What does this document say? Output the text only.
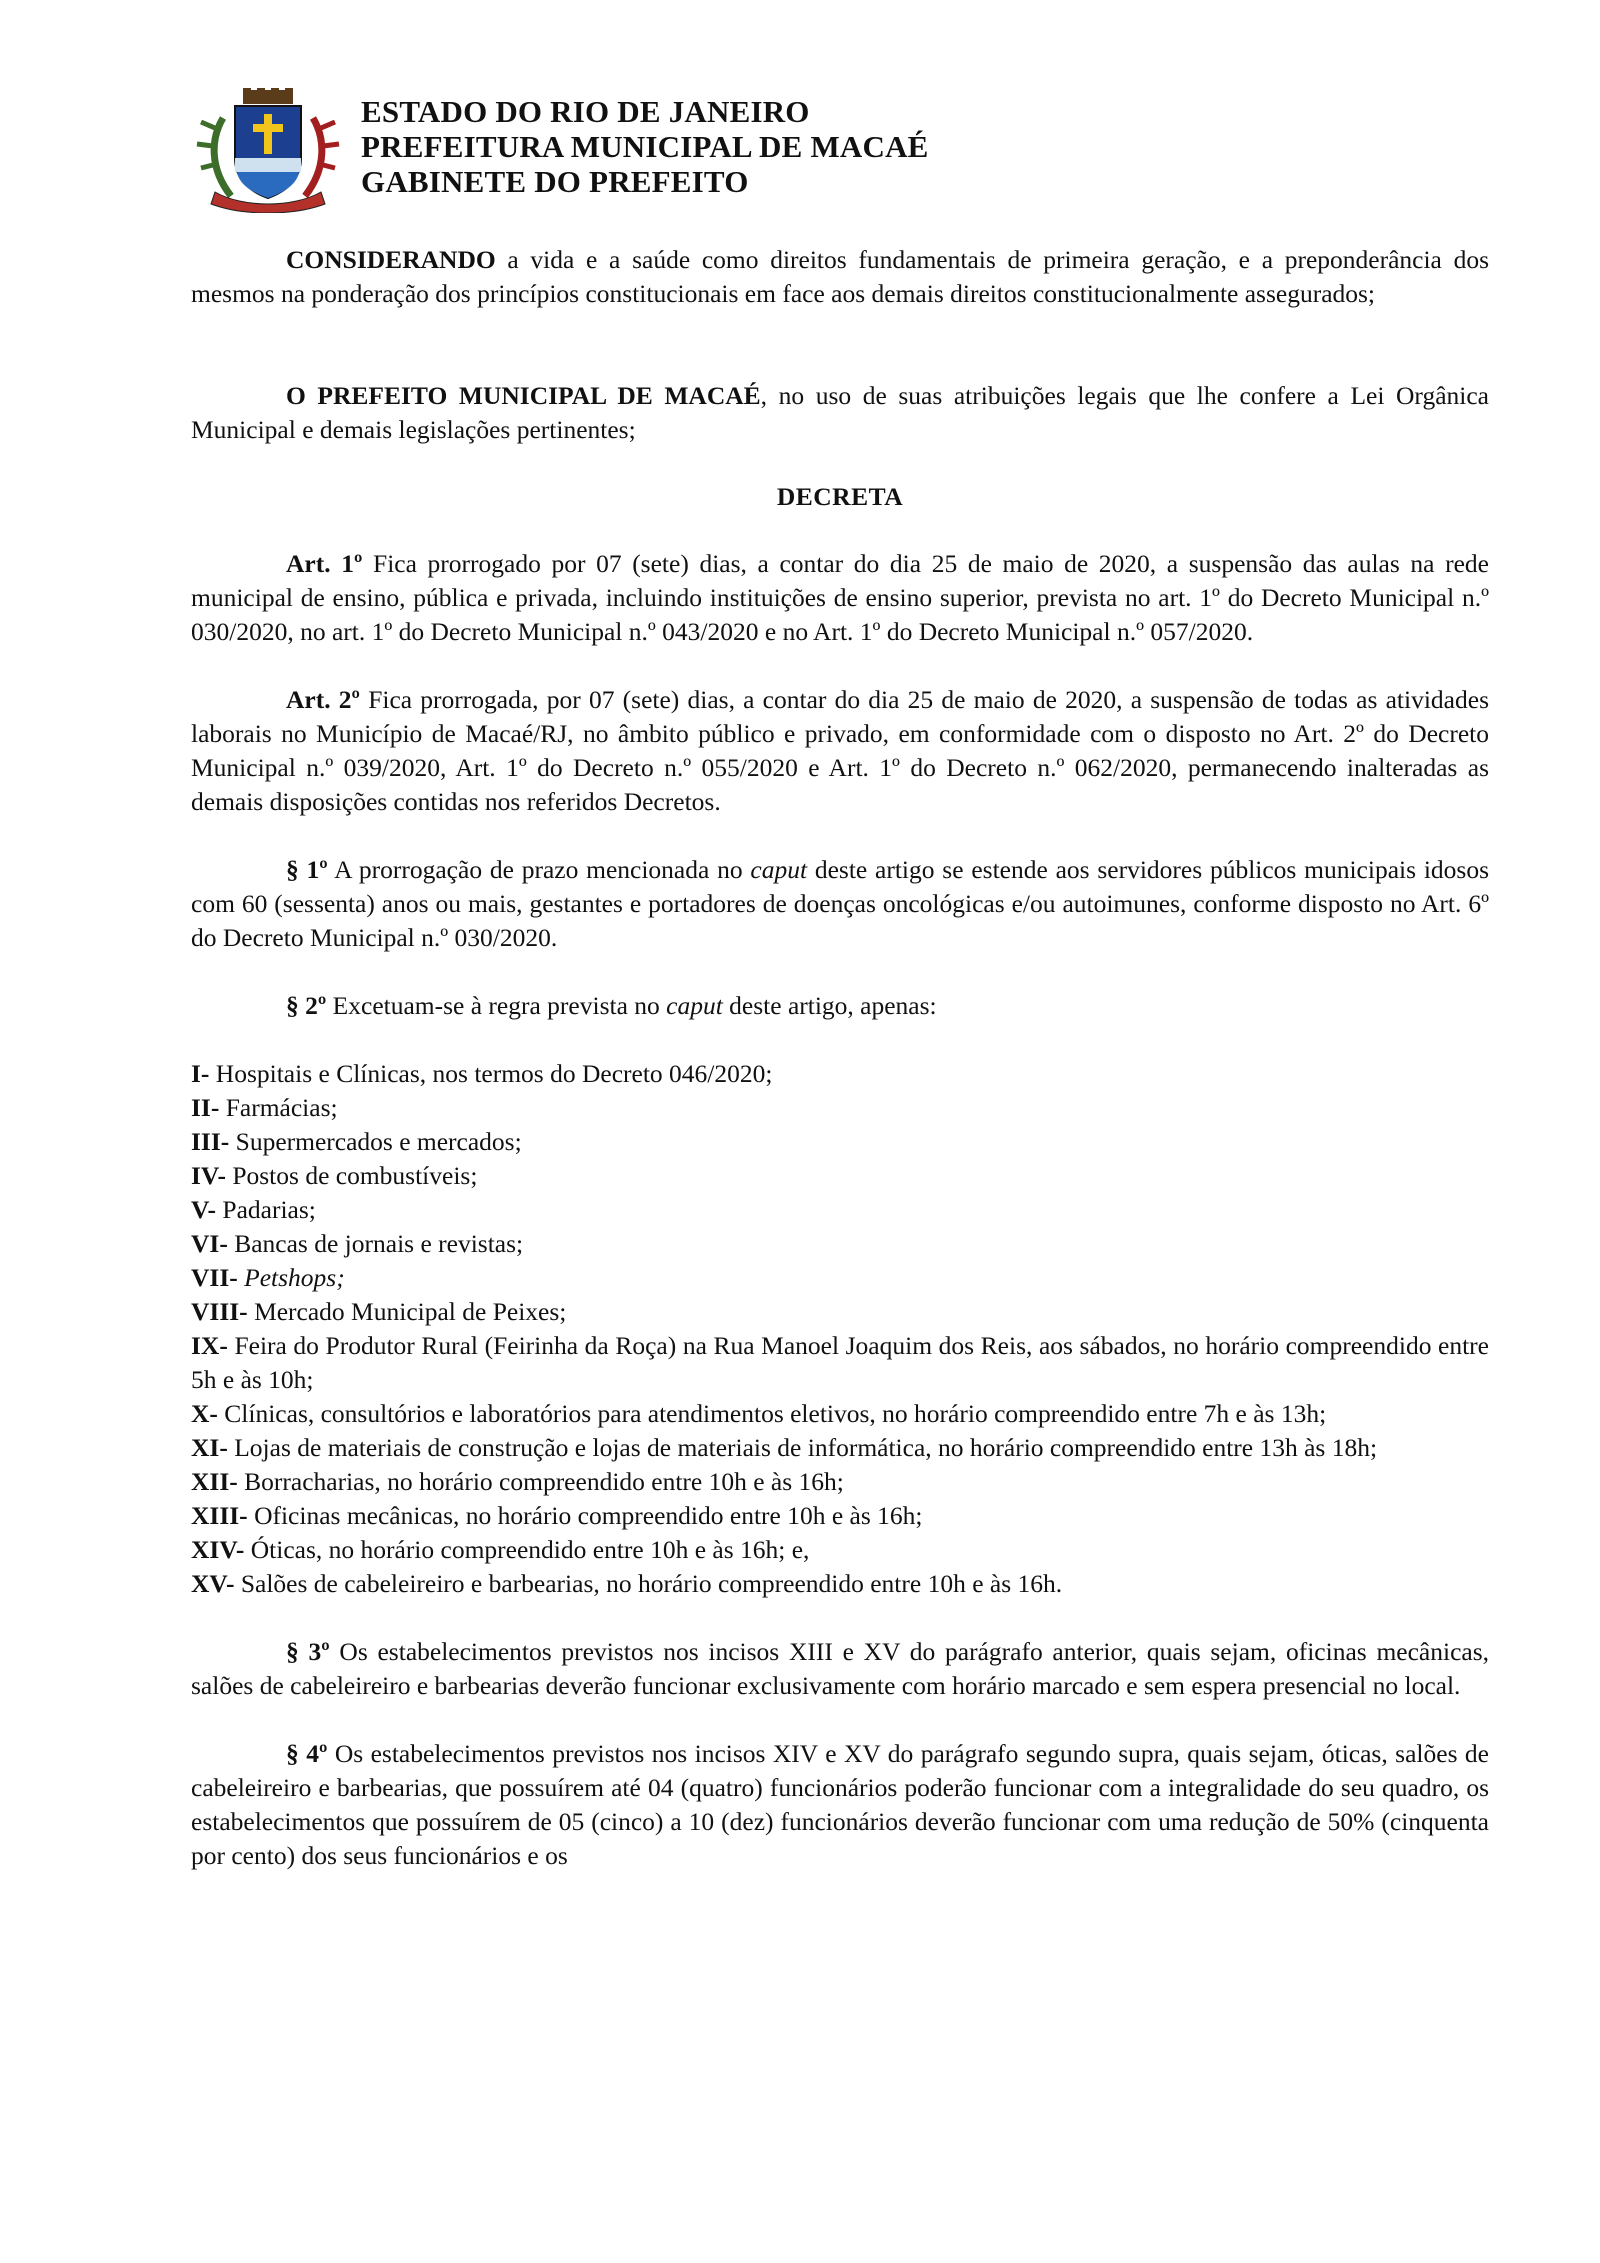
ESTADO DO RIO DE JANEIRO
PREFEITURA MUNICIPAL DE MACAÉ
GABINETE DO PREFEITO

CONSIDERANDO a vida e a saúde como direitos fundamentais de primeira geração, e a preponderância dos mesmos na ponderação dos princípios constitucionais em face aos demais direitos constitucionalmente assegurados;

O PREFEITO MUNICIPAL DE MACAÉ, no uso de suas atribuições legais que lhe confere a Lei Orgânica Municipal e demais legislações pertinentes;

DECRETA

Art. 1º Fica prorrogado por 07 (sete) dias, a contar do dia 25 de maio de 2020, a suspensão das aulas na rede municipal de ensino, pública e privada, incluindo instituições de ensino superior, prevista no art. 1º do Decreto Municipal n.º 030/2020, no art. 1º do Decreto Municipal n.º 043/2020 e no Art. 1º do Decreto Municipal n.º 057/2020.

Art. 2º Fica prorrogada, por 07 (sete) dias, a contar do dia 25 de maio de 2020, a suspensão de todas as atividades laborais no Município de Macaé/RJ, no âmbito público e privado, em conformidade com o disposto no Art. 2º do Decreto Municipal n.º 039/2020, Art. 1º do Decreto n.º 055/2020 e Art. 1º do Decreto n.º 062/2020, permanecendo inalteradas as demais disposições contidas nos referidos Decretos.

§ 1º A prorrogação de prazo mencionada no caput deste artigo se estende aos servidores públicos municipais idosos com 60 (sessenta) anos ou mais, gestantes e portadores de doenças oncológicas e/ou autoimunes, conforme disposto no Art. 6º do Decreto Municipal n.º 030/2020.

§ 2º Excetuam-se à regra prevista no caput deste artigo, apenas:

I- Hospitais e Clínicas, nos termos do Decreto 046/2020;
II- Farmácias;
III- Supermercados e mercados;
IV- Postos de combustíveis;
V- Padarias;
VI- Bancas de jornais e revistas;
VII- Petshops;
VIII- Mercado Municipal de Peixes;
IX- Feira do Produtor Rural (Feirinha da Roça) na Rua Manoel Joaquim dos Reis, aos sábados, no horário compreendido entre 5h e às 10h;
X- Clínicas, consultórios e laboratórios para atendimentos eletivos, no horário compreendido entre 7h e às 13h;
XI- Lojas de materiais de construção e lojas de materiais de informática, no horário compreendido entre 13h às 18h;
XII- Borracharias, no horário compreendido entre 10h e às 16h;
XIII- Oficinas mecânicas, no horário compreendido entre 10h e às 16h;
XIV- Óticas, no horário compreendido entre 10h e às 16h; e,
XV- Salões de cabeleireiro e barbearias, no horário compreendido entre 10h e às 16h.

§ 3º Os estabelecimentos previstos nos incisos XIII e XV do parágrafo anterior, quais sejam, oficinas mecânicas, salões de cabeleireiro e barbearias deverão funcionar exclusivamente com horário marcado e sem espera presencial no local.

§ 4º Os estabelecimentos previstos nos incisos XIV e XV do parágrafo segundo supra, quais sejam, óticas, salões de cabeleireiro e barbearias, que possuírem até 04 (quatro) funcionários poderão funcionar com a integralidade do seu quadro, os estabelecimentos que possuírem de 05 (cinco) a 10 (dez) funcionários deverão funcionar com uma redução de 50% (cinquenta por cento) dos seus funcionários e os
